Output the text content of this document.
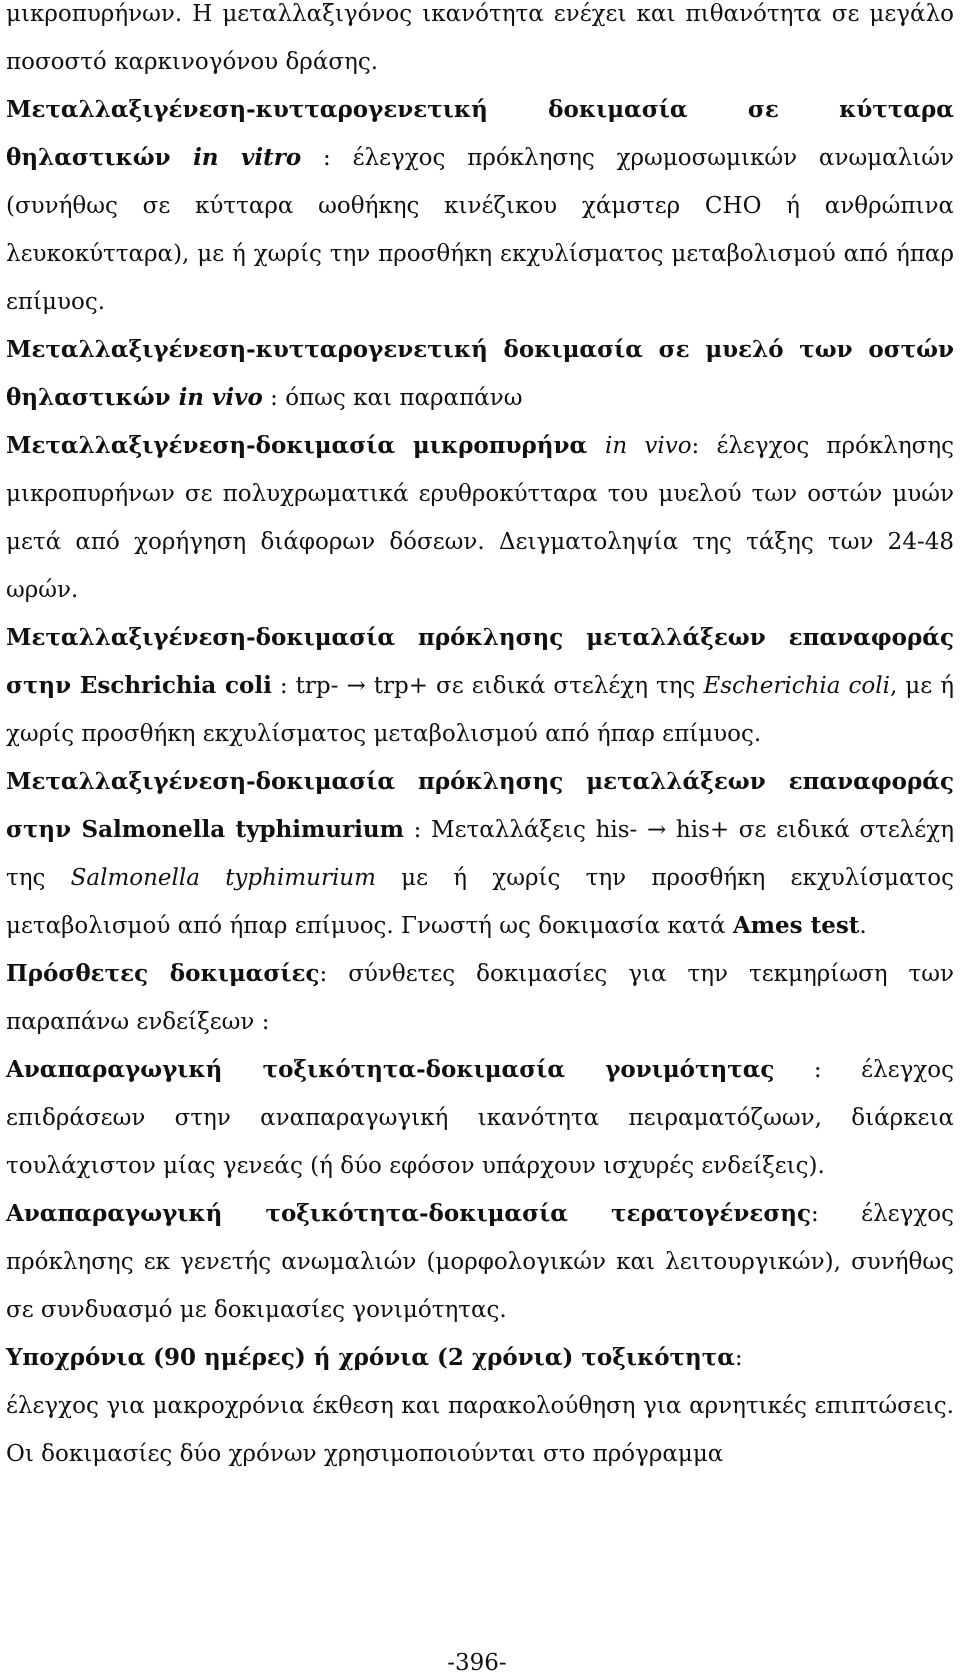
μικροπυρήνων. Η μεταλλαξιγόνος ικανότητα ενέχει και πιθανότητα σε μεγάλο ποσοστό καρκινογόνου δράσης.

Μεταλλαξιγένεση-κυτταρογενετική δοκιμασία σε κύτταρα θηλαστικών in vitro : έλεγχος πρόκλησης χρωμοσωμικών ανωμαλιών (συνήθως σε κύτταρα ωοθήκης κινέζικου χάμστερ CHO ή ανθρώπινα λευκοκύτταρα), με ή χωρίς την προσθήκη εκχυλίσματος μεταβολισμού από ήπαρ επίμυος.

Μεταλλαξιγένεση-κυτταρογενετική δοκιμασία σε μυελό των οστών θηλαστικών in vivo : όπως και παραπάνω

Μεταλλαξιγένεση-δοκιμασία μικροπυρήνα in vivo: έλεγχος πρόκλησης μικροπυρήνων σε πολυχρωματικά ερυθροκύτταρα του μυελού των οστών μυών μετά από χορήγηση διάφορων δόσεων. Δειγματοληψία της τάξης των 24-48 ωρών.

Μεταλλαξιγένεση-δοκιμασία πρόκλησης μεταλλάξεων επαναφοράς στην Eschrichia coli : trp- → trp+ σε ειδικά στελέχη της Escherichia coli, με ή χωρίς προσθήκη εκχυλίσματος μεταβολισμού από ήπαρ επίμυος.

Μεταλλαξιγένεση-δοκιμασία πρόκλησης μεταλλάξεων επαναφοράς στην Salmonella typhimurium : Μεταλλάξεις his- → his+ σε ειδικά στελέχη της Salmonella typhimurium με ή χωρίς την προσθήκη εκχυλίσματος μεταβολισμού από ήπαρ επίμυος. Γνωστή ως δοκιμασία κατά Ames test.

Πρόσθετες δοκιμασίες: σύνθετες δοκιμασίες για την τεκμηρίωση των παραπάνω ενδείξεων :

Αναπαραγωγική τοξικότητα-δοκιμασία γονιμότητας : έλεγχος επιδράσεων στην αναπαραγωγική ικανότητα πειραματόζωων, διάρκεια τουλάχιστον μίας γενεάς (ή δύο εφόσον υπάρχουν ισχυρές ενδείξεις).

Αναπαραγωγική τοξικότητα-δοκιμασία τερατογένεσης: έλεγχος πρόκλησης εκ γενετής ανωμαλιών (μορφολογικών και λειτουργικών), συνήθως σε συνδυασμό με δοκιμασίες γονιμότητας.

Υποχρόνια (90 ημέρες) ή χρόνια (2 χρόνια) τοξικότητα:

έλεγχος για μακροχρόνια έκθεση και παρακολούθηση για αρνητικές επιπτώσεις. Οι δοκιμασίες δύο χρόνων χρησιμοποιούνται στο πρόγραμμα

-396-
